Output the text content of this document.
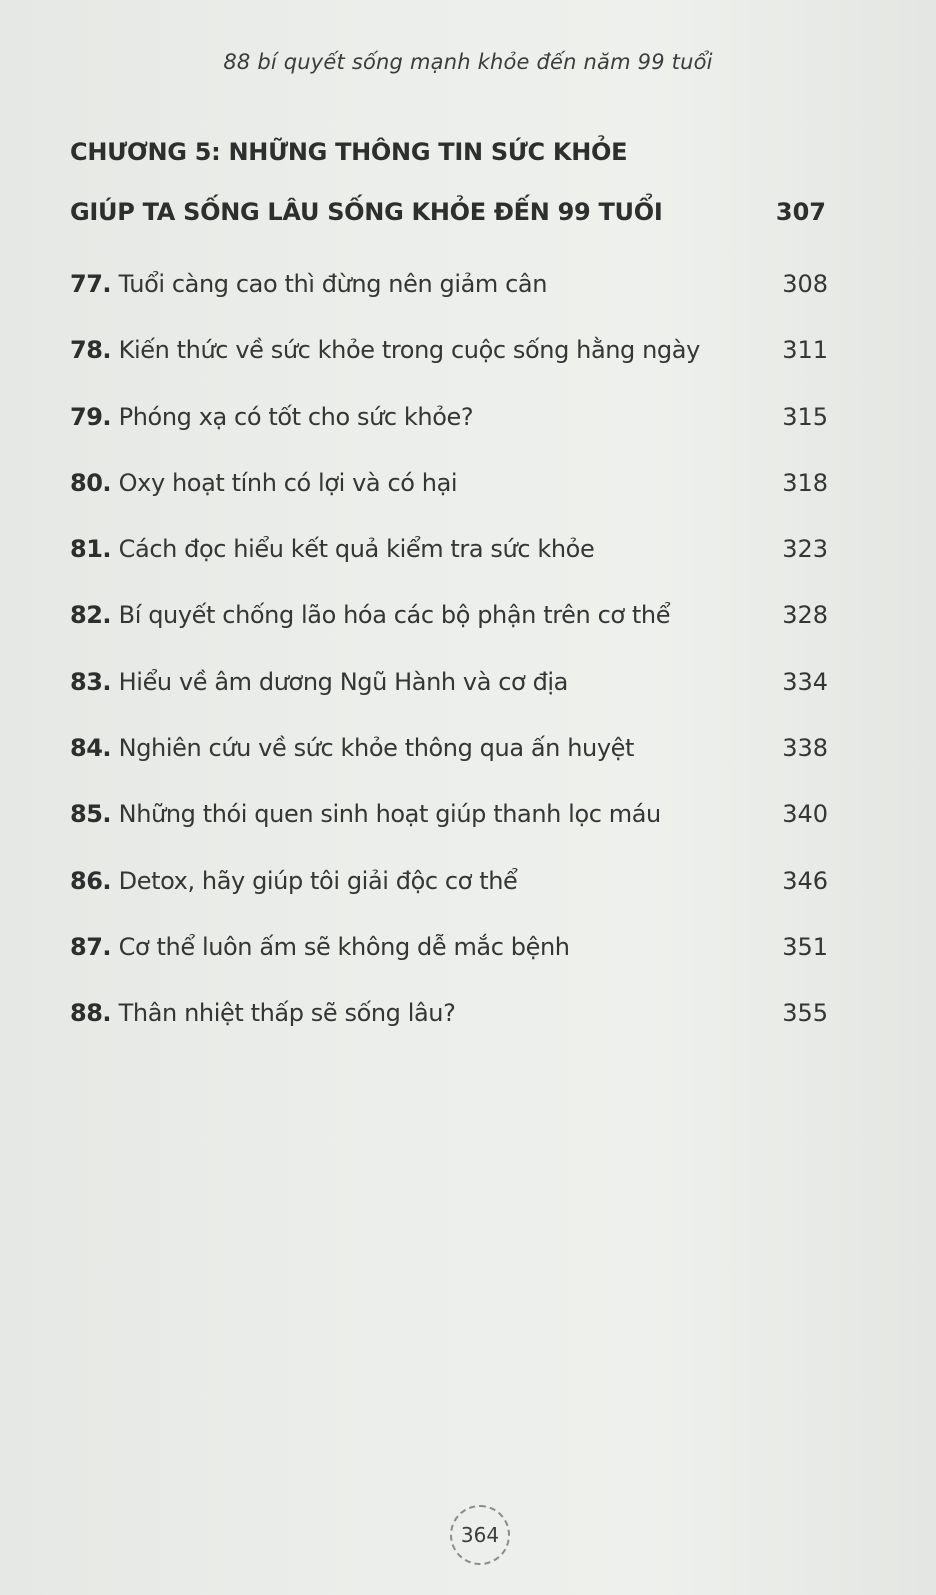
88 bí quyết sống mạnh khỏe đến năm 99 tuổi
CHƯƠNG 5: NHỮNG THÔNG TIN SỨC KHỎE
GIÚP TA SỐNG LÂU SỐNG KHỎE ĐẾN 99 TUỔI	307
77. Tuổi càng cao thì đừng nên giảm cân	308
78. Kiến thức về sức khỏe trong cuộc sống hằng ngày	311
79. Phóng xạ có tốt cho sức khỏe?	315
80. Oxy hoạt tính có lợi và có hại	318
81. Cách đọc hiểu kết quả kiểm tra sức khỏe	323
82. Bí quyết chống lão hóa các bộ phận trên cơ thể	328
83. Hiểu về âm dương Ngũ Hành và cơ địa	334
84. Nghiên cứu về sức khỏe thông qua ấn huyệt	338
85. Những thói quen sinh hoạt giúp thanh lọc máu	340
86. Detox, hãy giúp tôi giải độc cơ thể	346
87. Cơ thể luôn ấm sẽ không dễ mắc bệnh	351
88. Thân nhiệt thấp sẽ sống lâu?	355
364
